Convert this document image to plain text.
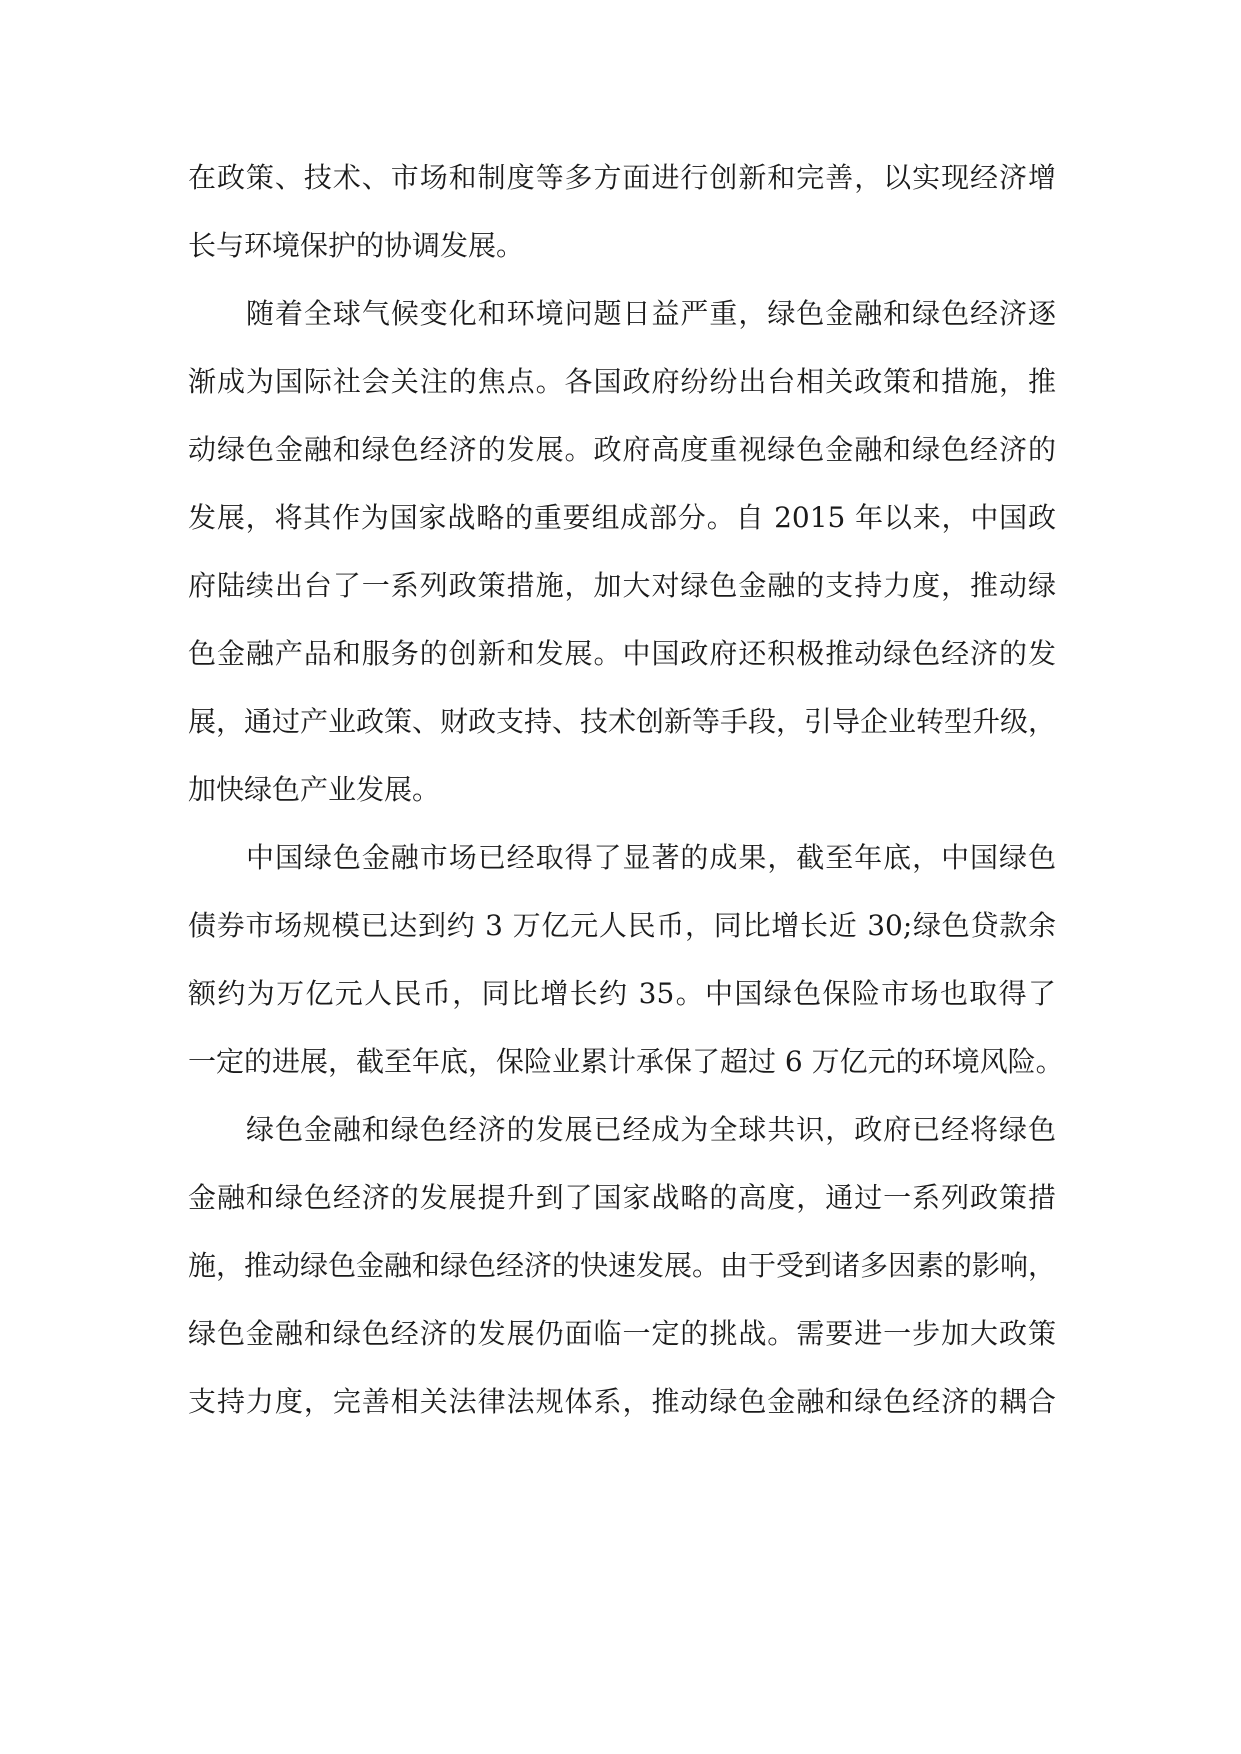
在政策、技术、市场和制度等多方面进行创新和完善，以实现经济增
长与环境保护的协调发展。
随着全球气候变化和环境问题日益严重，绿色金融和绿色经济逐
渐成为国际社会关注的焦点。各国政府纷纷出台相关政策和措施，推
动绿色金融和绿色经济的发展。政府高度重视绿色金融和绿色经济的
发展，将其作为国家战略的重要组成部分。自 2015 年以来，中国政
府陆续出台了一系列政策措施，加大对绿色金融的支持力度，推动绿
色金融产品和服务的创新和发展。中国政府还积极推动绿色经济的发
展，通过产业政策、财政支持、技术创新等手段，引导企业转型升级，
加快绿色产业发展。
中国绿色金融市场已经取得了显著的成果，截至年底，中国绿色
债券市场规模已达到约 3 万亿元人民币，同比增长近 30;绿色贷款余
额约为万亿元人民币，同比增长约 35。中国绿色保险市场也取得了
一定的进展，截至年底，保险业累计承保了超过 6 万亿元的环境风险。
绿色金融和绿色经济的发展已经成为全球共识，政府已经将绿色
金融和绿色经济的发展提升到了国家战略的高度，通过一系列政策措
施，推动绿色金融和绿色经济的快速发展。由于受到诸多因素的影响，
绿色金融和绿色经济的发展仍面临一定的挑战。需要进一步加大政策
支持力度，完善相关法律法规体系，推动绿色金融和绿色经济的耦合
